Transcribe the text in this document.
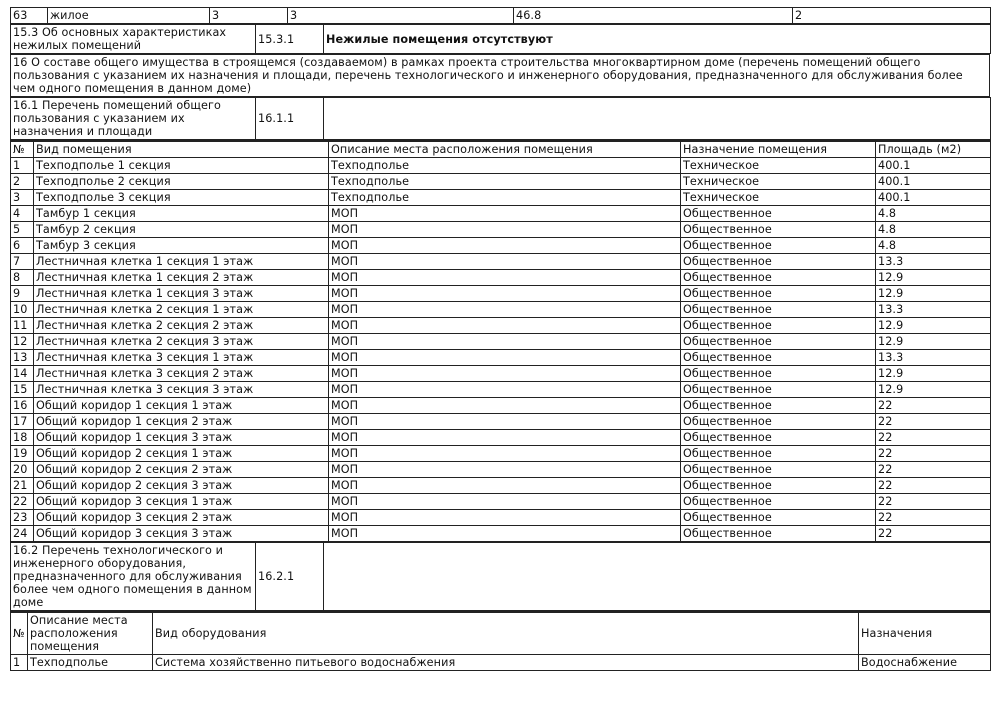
63	жилое	3	3	46.8	2
15.3 Об основных характеристиках нежилых помещений	15.3.1	Нежилые помещения отсутствуют
16 О составе общего имущества в строящемся (создаваемом) в рамках проекта строительства многоквартирном доме (перечень помещений общего пользования с указанием их назначения и площади, перечень технологического и инженерного оборудования, предназначенного для обслуживания более чем одного помещения в данном доме)
16.1 Перечень помещений общего пользования с указанием их назначения и площади	16.1.1	
№	Вид помещения	Описание места расположения помещения	Назначение помещения	Площадь (м2)
1	Техподполье 1 секция	Техподполье	Техническое	400.1
2	Техподполье 2 секция	Техподполье	Техническое	400.1
3	Техподполье 3 секция	Техподполье	Техническое	400.1
4	Тамбур 1 секция	МОП	Общественное	4.8
5	Тамбур 2 секция	МОП	Общественное	4.8
6	Тамбур 3 секция	МОП	Общественное	4.8
7	Лестничная клетка 1 секция 1 этаж	МОП	Общественное	13.3
8	Лестничная клетка 1 секция 2 этаж	МОП	Общественное	12.9
9	Лестничная клетка 1 секция 3 этаж	МОП	Общественное	12.9
10	Лестничная клетка 2 секция 1 этаж	МОП	Общественное	13.3
11	Лестничная клетка 2 секция 2 этаж	МОП	Общественное	12.9
12	Лестничная клетка 2 секция 3 этаж	МОП	Общественное	12.9
13	Лестничная клетка 3 секция 1 этаж	МОП	Общественное	13.3
14	Лестничная клетка 3 секция 2 этаж	МОП	Общественное	12.9
15	Лестничная клетка 3 секция 3 этаж	МОП	Общественное	12.9
16	Общий коридор 1 секция 1 этаж	МОП	Общественное	22
17	Общий коридор 1 секция 2 этаж	МОП	Общественное	22
18	Общий коридор 1 секция 3 этаж	МОП	Общественное	22
19	Общий коридор 2 секция 1 этаж	МОП	Общественное	22
20	Общий коридор 2 секция 2 этаж	МОП	Общественное	22
21	Общий коридор 2 секция 3 этаж	МОП	Общественное	22
22	Общий коридор 3 секция 1 этаж	МОП	Общественное	22
23	Общий коридор 3 секция 2 этаж	МОП	Общественное	22
24	Общий коридор 3 секция 3 этаж	МОП	Общественное	22
16.2 Перечень технологического и инженерного оборудования, предназначенного для обслуживания более чем одного помещения в данном доме	16.2.1	
№	Описание места расположения помещения	Вид оборудования	Назначения
1	Техподполье	Система хозяйственно питьевого водоснабжения	Водоснабжение
